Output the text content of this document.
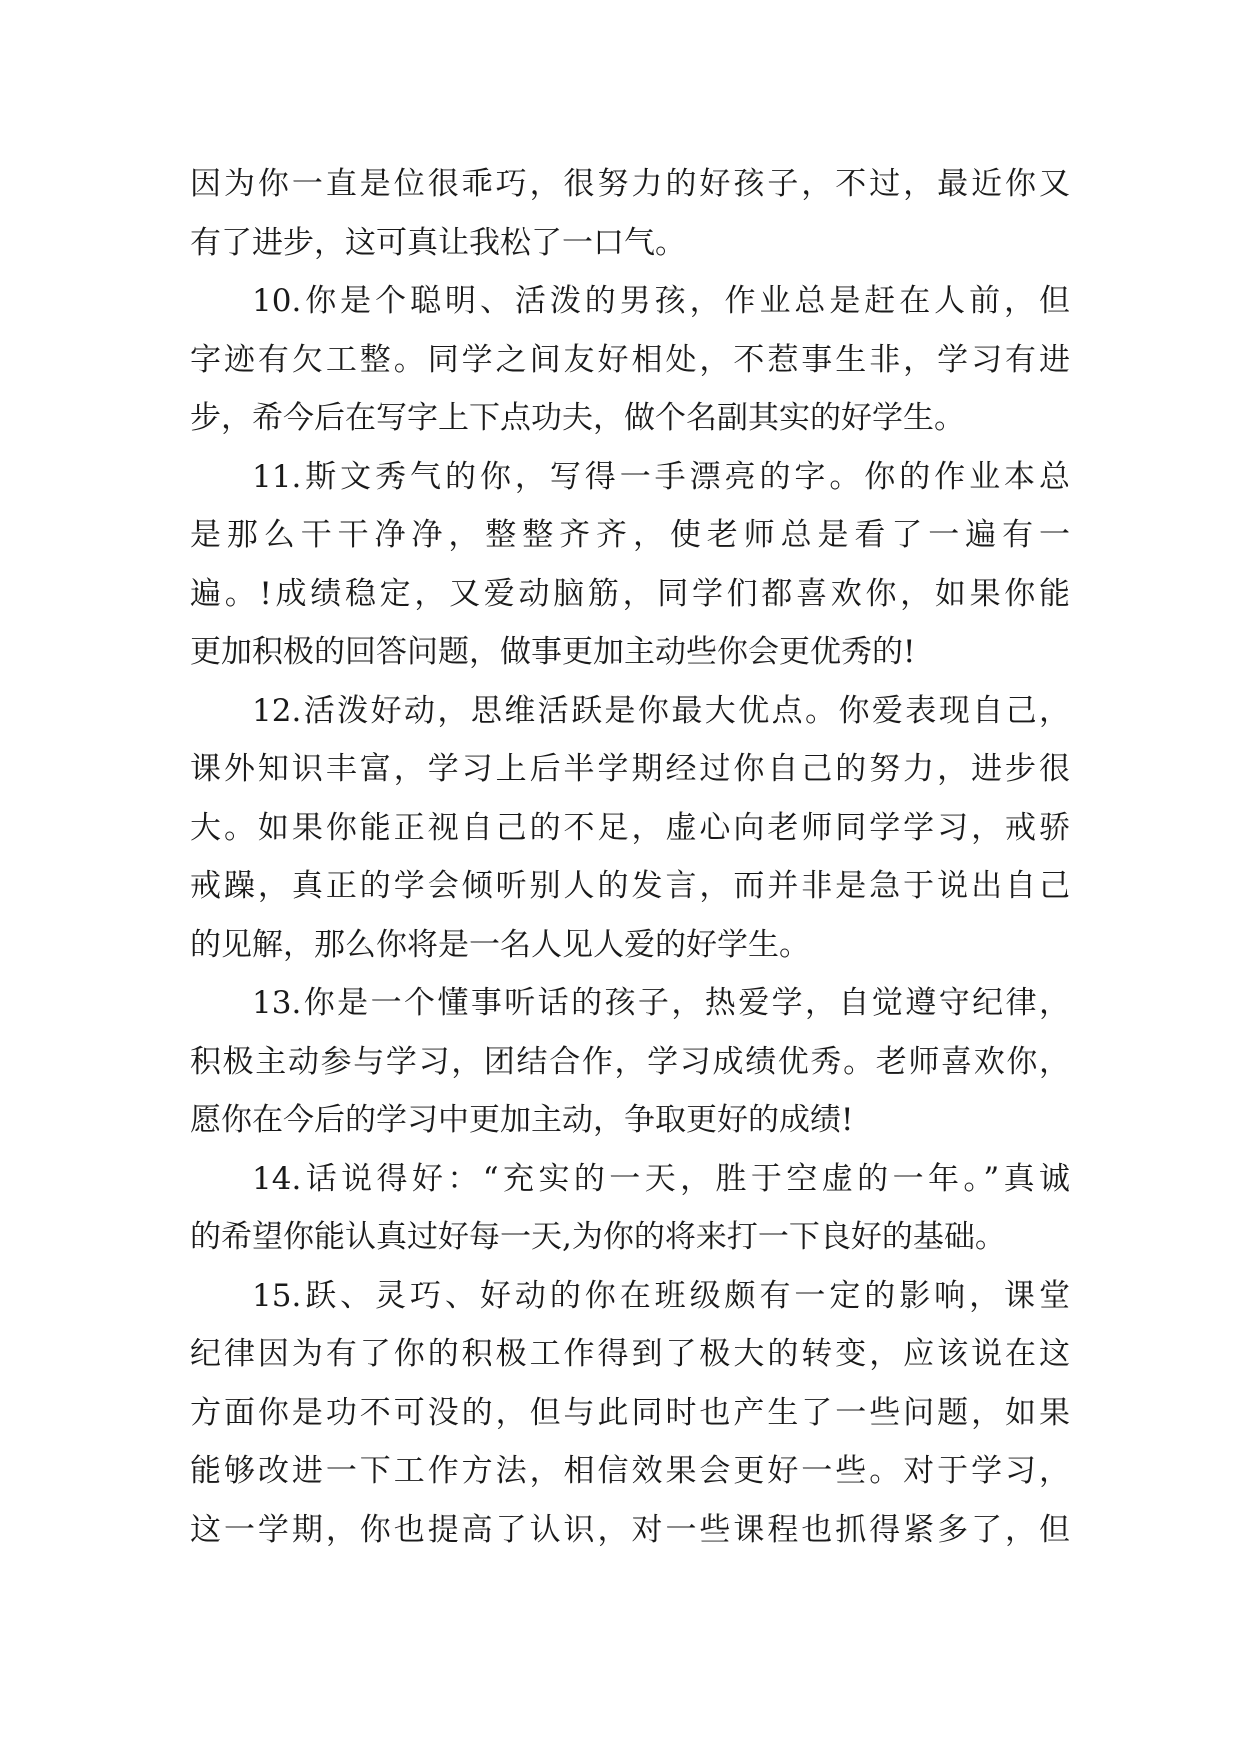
因为你一直是位很乖巧，很努力的好孩子，不过，最近你又
有了进步，这可真让我松了一口气。
10.你是个聪明、活泼的男孩，作业总是赶在人前，但
字迹有欠工整。同学之间友好相处，不惹事生非，学习有进
步，希今后在写字上下点功夫，做个名副其实的好学生。
11.斯文秀气的你，写得一手漂亮的字。你的作业本总
是那么干干净净，整整齐齐，使老师总是看了一遍有一
遍。!成绩稳定，又爱动脑筋，同学们都喜欢你，如果你能
更加积极的回答问题，做事更加主动些你会更优秀的!
12.活泼好动，思维活跃是你最大优点。你爱表现自己，
课外知识丰富，学习上后半学期经过你自己的努力，进步很
大。如果你能正视自己的不足，虚心向老师同学学习，戒骄
戒躁，真正的学会倾听别人的发言，而并非是急于说出自己
的见解，那么你将是一名人见人爱的好学生。
13.你是一个懂事听话的孩子，热爱学，自觉遵守纪律，
积极主动参与学习，团结合作，学习成绩优秀。老师喜欢你，
愿你在今后的学习中更加主动，争取更好的成绩!
14.话说得好：“充实的一天，胜于空虚的一年。”真诚
的希望你能认真过好每一天,为你的将来打一下良好的基础。
15.跃、灵巧、好动的你在班级颇有一定的影响，课堂
纪律因为有了你的积极工作得到了极大的转变，应该说在这
方面你是功不可没的，但与此同时也产生了一些问题，如果
能够改进一下工作方法，相信效果会更好一些。对于学习，
这一学期，你也提高了认识，对一些课程也抓得紧多了，但
